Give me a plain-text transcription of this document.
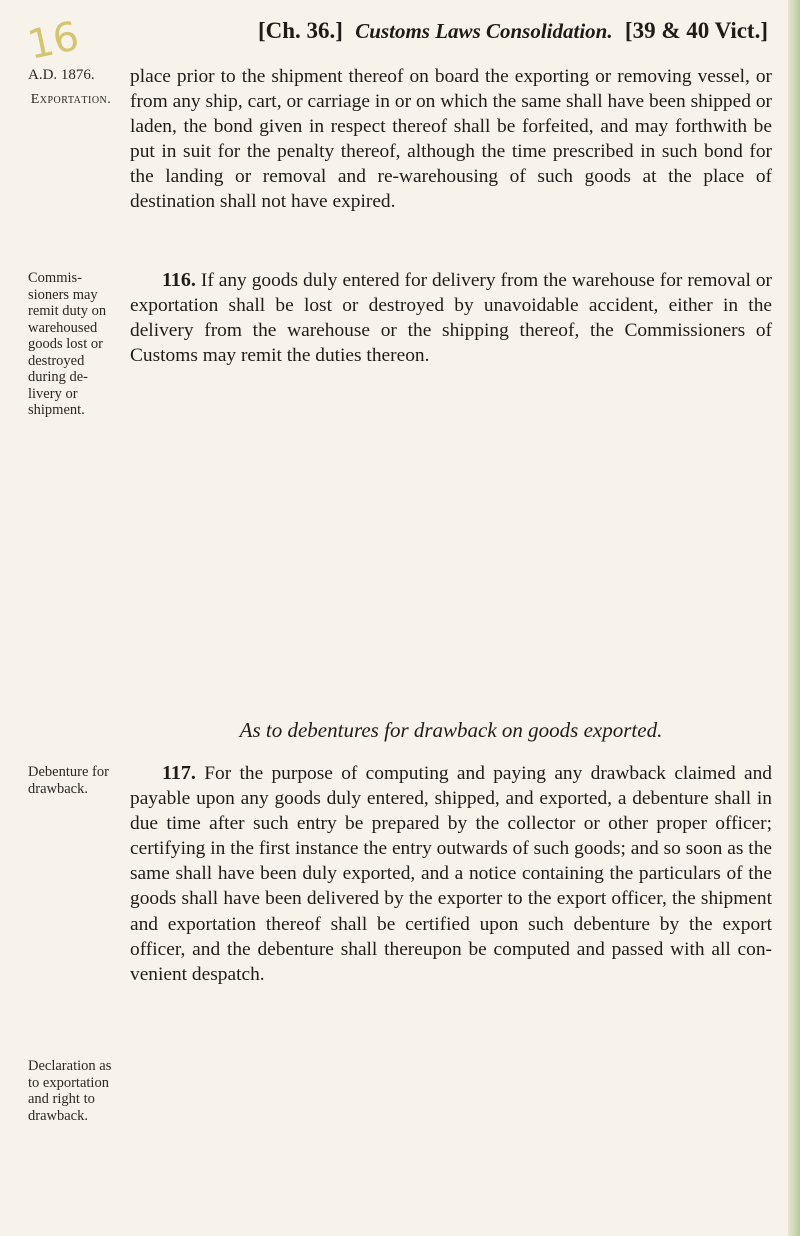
16	[Ch. 36.] Customs Laws Consolidation. [39 & 40 Vict.]
A.D. 1876.
Exportation.
Commissioners may remit duty on warehoused goods lost or destroyed during delivery or shipment.
Debenture for drawback.
Declaration as to exportation and right to drawback.
place prior to the shipment thereof on board the exporting or removing vessel, or from any ship, cart, or carriage in or on which the same shall have been shipped or laden, the bond given in respect thereof shall be forfeited, and may forthwith be put in suit for the penalty thereof, although the time prescribed in such bond for the landing or removal and re-warehousing of such goods at the place of destination shall not have expired.
116. If any goods duly entered for delivery from the warehouse for removal or exportation shall be lost or destroyed by unavoidable accident, either in the delivery from the warehouse or the shipping thereof, the Commissioners of Customs may remit the duties thereon.
As to debentures for drawback on goods exported.
117. For the purpose of computing and paying any drawback claimed and payable upon any goods duly entered, shipped, and exported, a debenture shall in due time after such entry be prepared by the collector or other proper officer; certifying in the first instance the entry outwards of such goods; and so soon as the same shall have been duly exported, and a notice containing the particulars of the goods shall have been delivered by the exporter to the export officer, the shipment and exportation thereof shall be certified upon such debenture by the export officer, and the debenture shall thereupon be computed and passed with all convenient despatch.
